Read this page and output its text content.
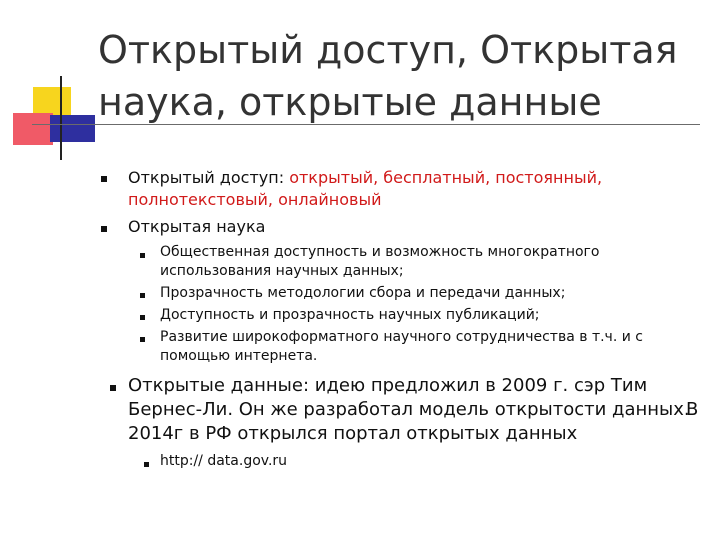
Открытый доступ, Открытая
наука, открытые данные
Открытый доступ: открытый, бесплатный, постоянный,
полнотекстовый, онлайновый
Открытая наука
Общественная доступность и возможность многократного
использования научных данных;
Прозрачность методологии сбора и передачи данных;
Доступность и прозрачность научных публикаций;
Развитие широкоформатного научного сотрудничества в т.ч. и с
помощью интернета.
Открытые данные: идею предложил в 2009 г. сэр Тим
Бернес-Ли. Он же разработал модель открытости данных.
В
2014г в РФ открылся портал открытых данных
http:// data.gov.ru
